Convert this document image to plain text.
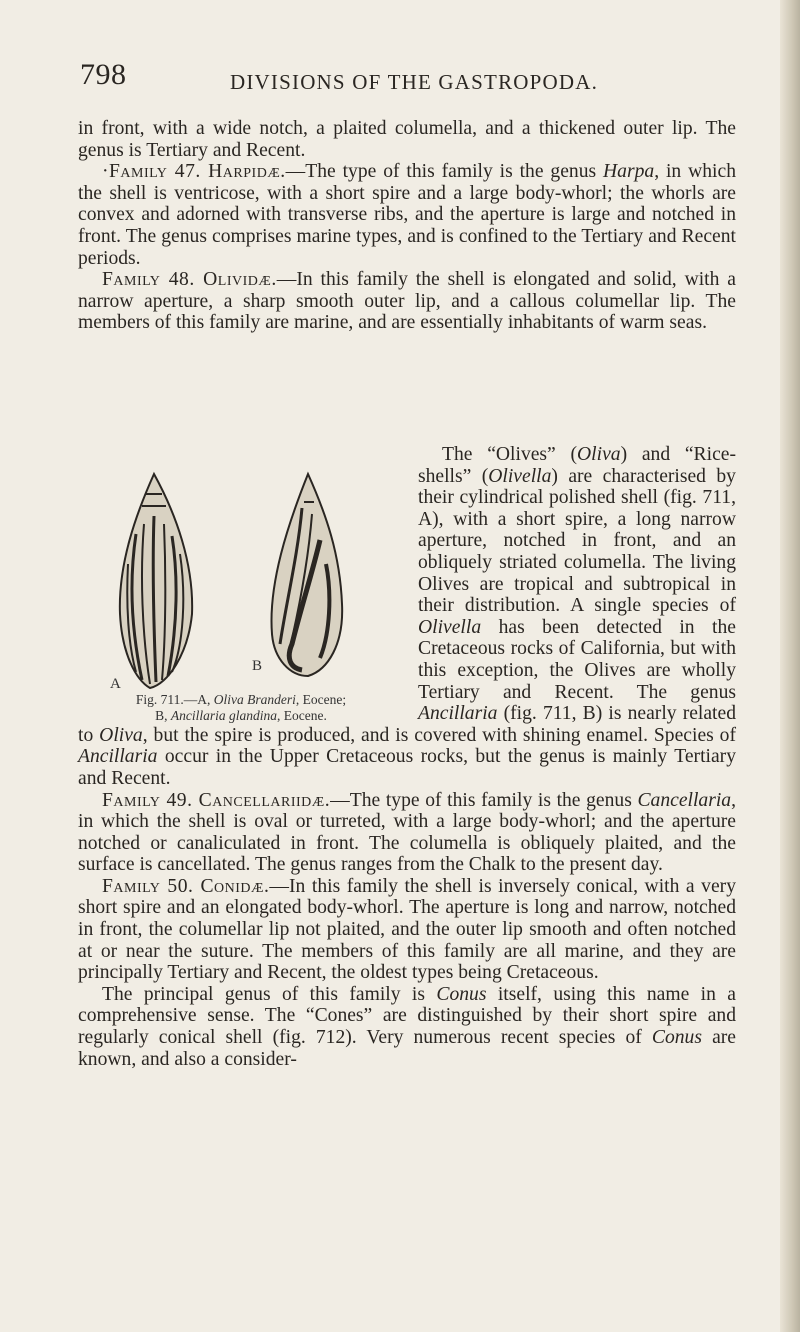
798	DIVISIONS OF THE GASTROPODA.

in front, with a wide notch, a plaited columella, and a thickened outer lip. The genus is Tertiary and Recent.

·Family 47. Harpidæ.—The type of this family is the genus Harpa, in which the shell is ventricose, with a short spire and a large body-whorl; the whorls are convex and adorned with transverse ribs, and the aperture is large and notched in front. The genus comprises marine types, and is confined to the Tertiary and Recent periods.

Family 48. Olividæ.—In this family the shell is elongated and solid, with a narrow aperture, a sharp smooth outer lip, and a callous columellar lip. The members of this family are marine, and are essentially inhabitants of warm seas.

A
B
Fig. 711.—A, Oliva Branderi, Eocene;
B, Ancillaria glandina, Eocene.

The “Olives” (Oliva) and “Rice-shells” (Olivella) are characterised by their cylindrical polished shell (fig. 711, A), with a short spire, a long narrow aperture, notched in front, and an obliquely striated columella. The living Olives are tropical and subtropical in their distribution. A single species of Olivella has been detected in the Cretaceous rocks of California, but with this exception, the Olives are wholly Tertiary and Recent. The genus Ancillaria (fig. 711, B) is nearly related to Oliva, but the spire is produced, and is covered with shining enamel. Species of Ancillaria occur in the Upper Cretaceous rocks, but the genus is mainly Tertiary and Recent.

Family 49. Cancellariidæ.—The type of this family is the genus Cancellaria, in which the shell is oval or turreted, with a large body-whorl; and the aperture notched or canaliculated in front. The columella is obliquely plaited, and the surface is cancellated. The genus ranges from the Chalk to the present day.

Family 50. Conidæ.—In this family the shell is inversely conical, with a very short spire and an elongated body-whorl. The aperture is long and narrow, notched in front, the columellar lip not plaited, and the outer lip smooth and often notched at or near the suture. The members of this family are all marine, and they are principally Tertiary and Recent, the oldest types being Cretaceous.

The principal genus of this family is Conus itself, using this name in a comprehensive sense. The “Cones” are distinguished by their short spire and regularly conical shell (fig. 712). Very numerous recent species of Conus are known, and also a consider-
